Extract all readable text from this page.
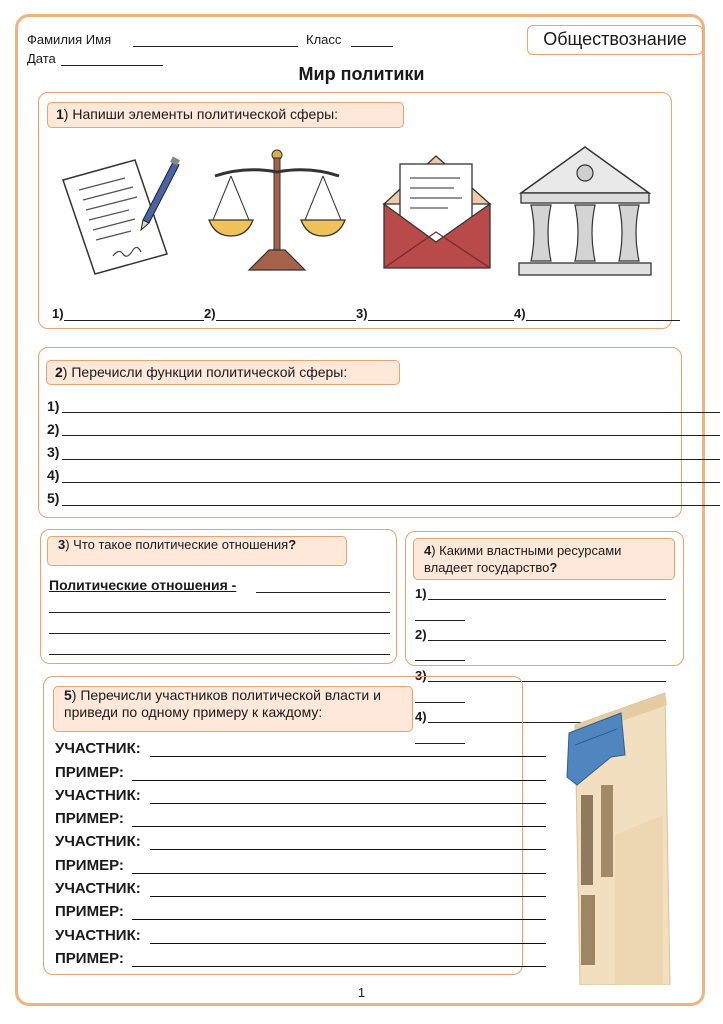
Фамилия Имя	Класс
Дата
Обществознание
Мир политики
1) Напиши элементы политической сферы:
1)	2)	3)	4)
2) Перечисли функции политической сферы:
1)
2)
3)
4)
5)
3) Что такое политические отношения?
Политические отношения -
4) Какими властными ресурсами владеет государство?
1)
2)
3)
4)
5) Перечисли участников политической власти и приведи по одному примеру к каждому:
УЧАСТНИК:
ПРИМЕР:
УЧАСТНИК:
ПРИМЕР:
УЧАСТНИК:
ПРИМЕР:
УЧАСТНИК:
ПРИМЕР:
УЧАСТНИК:
ПРИМЕР:
1
